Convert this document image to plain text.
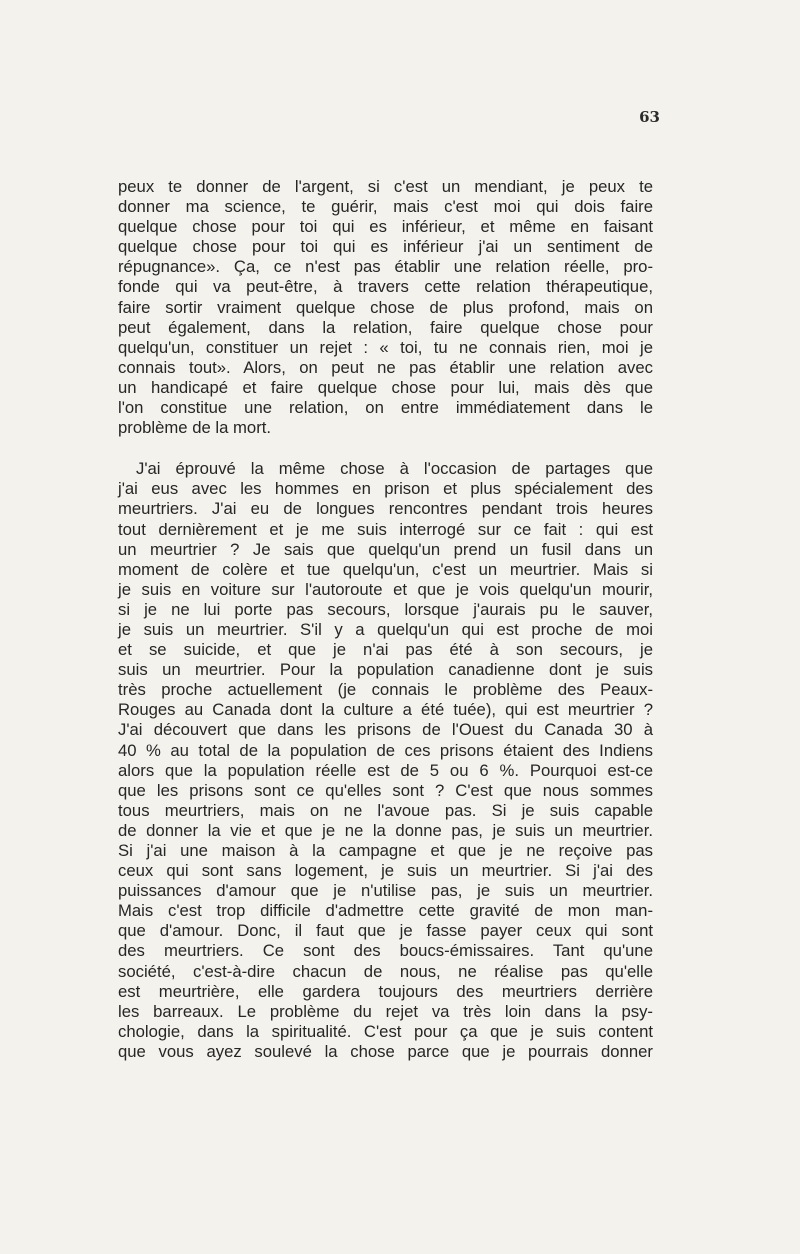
63
peux te donner de l'argent, si c'est un mendiant, je peux te
donner ma science, te guérir, mais c'est moi qui dois faire
quelque chose pour toi qui es inférieur, et même en faisant
quelque chose pour toi qui es inférieur j'ai un sentiment de
répugnance». Ça, ce n'est pas établir une relation réelle, pro-
fonde qui va peut-être, à travers cette relation thérapeutique,
faire sortir vraiment quelque chose de plus profond, mais on
peut également, dans la relation, faire quelque chose pour
quelqu'un, constituer un rejet : « toi, tu ne connais rien, moi je
connais tout». Alors, on peut ne pas établir une relation avec
un handicapé et faire quelque chose pour lui, mais dès que
l'on constitue une relation, on entre immédiatement dans le
problème de la mort.
J'ai éprouvé la même chose à l'occasion de partages que
j'ai eus avec les hommes en prison et plus spécialement des
meurtriers. J'ai eu de longues rencontres pendant trois heures
tout dernièrement et je me suis interrogé sur ce fait : qui est
un meurtrier ? Je sais que quelqu'un prend un fusil dans un
moment de colère et tue quelqu'un, c'est un meurtrier. Mais si
je suis en voiture sur l'autoroute et que je vois quelqu'un mourir,
si je ne lui porte pas secours, lorsque j'aurais pu le sauver,
je suis un meurtrier. S'il y a quelqu'un qui est proche de moi
et se suicide, et que je n'ai pas été à son secours, je
suis un meurtrier. Pour la population canadienne dont je suis
très proche actuellement (je connais le problème des Peaux-
Rouges au Canada dont la culture a été tuée), qui est meurtrier ?
J'ai découvert que dans les prisons de l'Ouest du Canada 30 à
40 % au total de la population de ces prisons étaient des Indiens
alors que la population réelle est de 5 ou 6 %. Pourquoi est-ce
que les prisons sont ce qu'elles sont ? C'est que nous sommes
tous meurtriers, mais on ne l'avoue pas. Si je suis capable
de donner la vie et que je ne la donne pas, je suis un meurtrier.
Si j'ai une maison à la campagne et que je ne reçoive pas
ceux qui sont sans logement, je suis un meurtrier. Si j'ai des
puissances d'amour que je n'utilise pas, je suis un meurtrier.
Mais c'est trop difficile d'admettre cette gravité de mon man-
que d'amour. Donc, il faut que je fasse payer ceux qui sont
des meurtriers. Ce sont des boucs-émissaires. Tant qu'une
société, c'est-à-dire chacun de nous, ne réalise pas qu'elle
est meurtrière, elle gardera toujours des meurtriers derrière
les barreaux. Le problème du rejet va très loin dans la psy-
chologie, dans la spiritualité. C'est pour ça que je suis content
que vous ayez soulevé la chose parce que je pourrais donner
